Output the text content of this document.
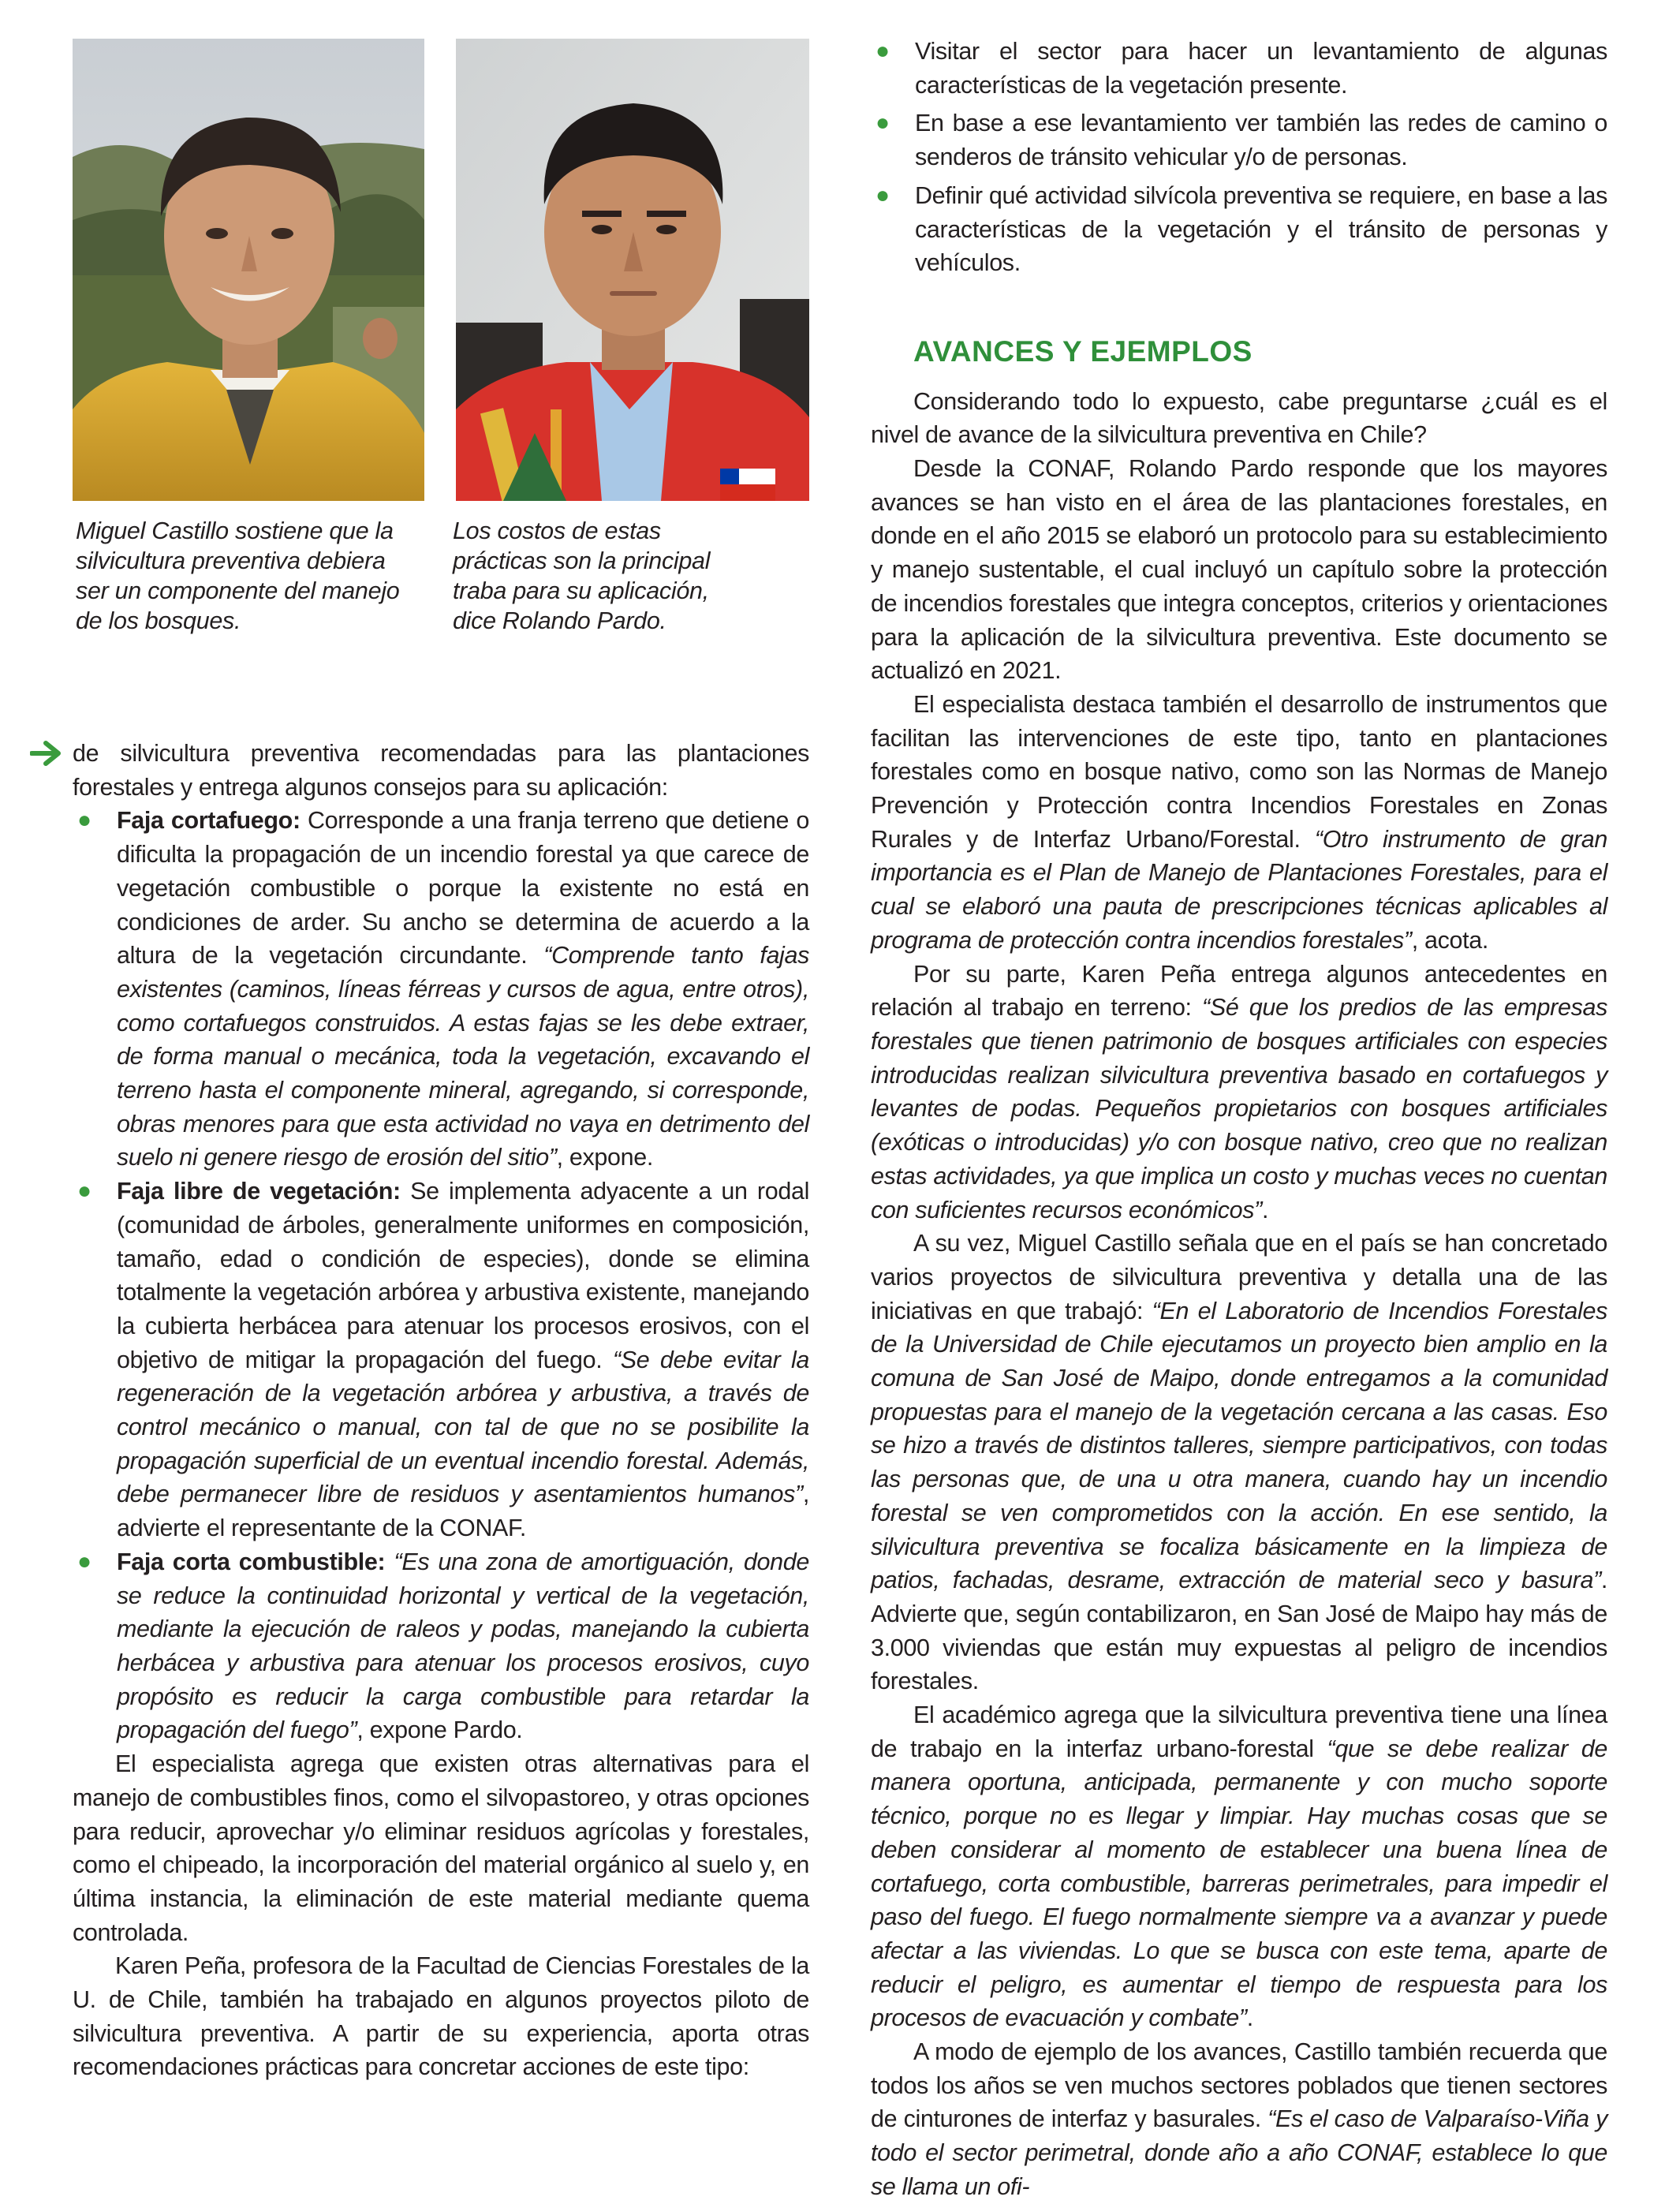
Miguel Castillo sostiene que la
silvicultura preventiva debiera
ser un componente del manejo
de los bosques.

Los costos de estas
prácticas son la principal
traba para su aplicación,
dice Rolando Pardo.

de silvicultura preventiva recomendadas para las plantaciones forestales y entrega algunos consejos para su aplicación:

● Faja cortafuego: Corresponde a una franja terreno que detiene o dificulta la propagación de un incendio forestal ya que carece de vegetación combustible o porque la existente no está en condiciones de arder. Su ancho se determina de acuerdo a la altura de la vegetación circundante. “Comprende tanto fajas existentes (caminos, líneas férreas y cursos de agua, entre otros), como cortafuegos construidos. A estas fajas se les debe extraer, de forma manual o mecánica, toda la vegetación, excavando el terreno hasta el componente mineral, agregando, si corresponde, obras menores para que esta actividad no vaya en detrimento del suelo ni genere riesgo de erosión del sitio”, expone.
● Faja libre de vegetación: Se implementa adyacente a un rodal (comunidad de árboles, generalmente uniformes en composición, tamaño, edad o condición de especies), donde se elimina totalmente la vegetación arbórea y arbustiva existente, manejando la cubierta herbácea para atenuar los procesos erosivos, con el objetivo de mitigar la propagación del fuego. “Se debe evitar la regeneración de la vegetación arbórea y arbustiva, a través de control mecánico o manual, con tal de que no se posibilite la propagación superficial de un eventual incendio forestal. Además, debe permanecer libre de residuos y asentamientos humanos”, advierte el representante de la CONAF.
● Faja corta combustible: “Es una zona de amortiguación, donde se reduce la continuidad horizontal y vertical de la vegetación, mediante la ejecución de raleos y podas, manejando la cubierta herbácea y arbustiva para atenuar los procesos erosivos, cuyo propósito es reducir la carga combustible para retardar la propagación del fuego”, expone Pardo.

El especialista agrega que existen otras alternativas para el manejo de combustibles finos, como el silvopastoreo, y otras opciones para reducir, aprovechar y/o eliminar residuos agrícolas y forestales, como el chipeado, la incorporación del material orgánico al suelo y, en última instancia, la eliminación de este material mediante quema controlada.

Karen Peña, profesora de la Facultad de Ciencias Forestales de la U. de Chile, también ha trabajado en algunos proyectos piloto de silvicultura preventiva. A partir de su experiencia, aporta otras recomendaciones prácticas para concretar acciones de este tipo:

● Visitar el sector para hacer un levantamiento de algunas características de la vegetación presente.
● En base a ese levantamiento ver también las redes de camino o senderos de tránsito vehicular y/o de personas.
● Definir qué actividad silvícola preventiva se requiere, en base a las características de la vegetación y el tránsito de personas y vehículos.
AVANCES Y EJEMPLOS

Considerando todo lo expuesto, cabe preguntarse ¿cuál es el nivel de avance de la silvicultura preventiva en Chile?

Desde la CONAF, Rolando Pardo responde que los mayores avances se han visto en el área de las plantaciones forestales, en donde en el año 2015 se elaboró un protocolo para su establecimiento y manejo sustentable, el cual incluyó un capítulo sobre la protección de incendios forestales que integra conceptos, criterios y orientaciones para la aplicación de la silvicultura preventiva. Este documento se actualizó en 2021.

El especialista destaca también el desarrollo de instrumentos que facilitan las intervenciones de este tipo, tanto en plantaciones forestales como en bosque nativo, como son las Normas de Manejo Prevención y Protección contra Incendios Forestales en Zonas Rurales y de Interfaz Urbano/Forestal. “Otro instrumento de gran importancia es el Plan de Manejo de Plantaciones Forestales, para el cual se elaboró una pauta de prescripciones técnicas aplicables al programa de protección contra incendios forestales”, acota.

Por su parte, Karen Peña entrega algunos antecedentes en relación al trabajo en terreno: “Sé que los predios de las empresas forestales que tienen patrimonio de bosques artificiales con especies introducidas realizan silvicultura preventiva basado en cortafuegos y levantes de podas. Pequeños propietarios con bosques artificiales (exóticas o introducidas) y/o con bosque nativo, creo que no realizan estas actividades, ya que implica un costo y muchas veces no cuentan con suficientes recursos económicos”.

A su vez, Miguel Castillo señala que en el país se han concretado varios proyectos de silvicultura preventiva y detalla una de las iniciativas en que trabajó: “En el Laboratorio de Incendios Forestales de la Universidad de Chile ejecutamos un proyecto bien amplio en la comuna de San José de Maipo, donde entregamos a la comunidad propuestas para el manejo de la vegetación cercana a las casas. Eso se hizo a través de distintos talleres, siempre participativos, con todas las personas que, de una u otra manera, cuando hay un incendio forestal se ven comprometidos con la acción. En ese sentido, la silvicultura preventiva se focaliza básicamente en la limpieza de patios, fachadas, desrame, extracción de material seco y basura”. Advierte que, según contabilizaron, en San José de Maipo hay más de 3.000 viviendas que están muy expuestas al peligro de incendios forestales.

El académico agrega que la silvicultura preventiva tiene una línea de trabajo en la interfaz urbano-forestal “que se debe realizar de manera oportuna, anticipada, permanente y con mucho soporte técnico, porque no es llegar y limpiar. Hay muchas cosas que se deben considerar al momento de establecer una buena línea de cortafuego, corta combustible, barreras perimetrales, para impedir el paso del fuego. El fuego normalmente siempre va a avanzar y puede afectar a las viviendas. Lo que se busca con este tema, aparte de reducir el peligro, es aumentar el tiempo de respuesta para los procesos de evacuación y combate”.

A modo de ejemplo de los avances, Castillo también recuerda que todos los años se ven muchos sectores poblados que tienen sectores de cinturones de interfaz y basurales. “Es el caso de Valparaíso-Viña y todo el sector perimetral, donde año a año CONAF, establece lo que se llama un ofi-
